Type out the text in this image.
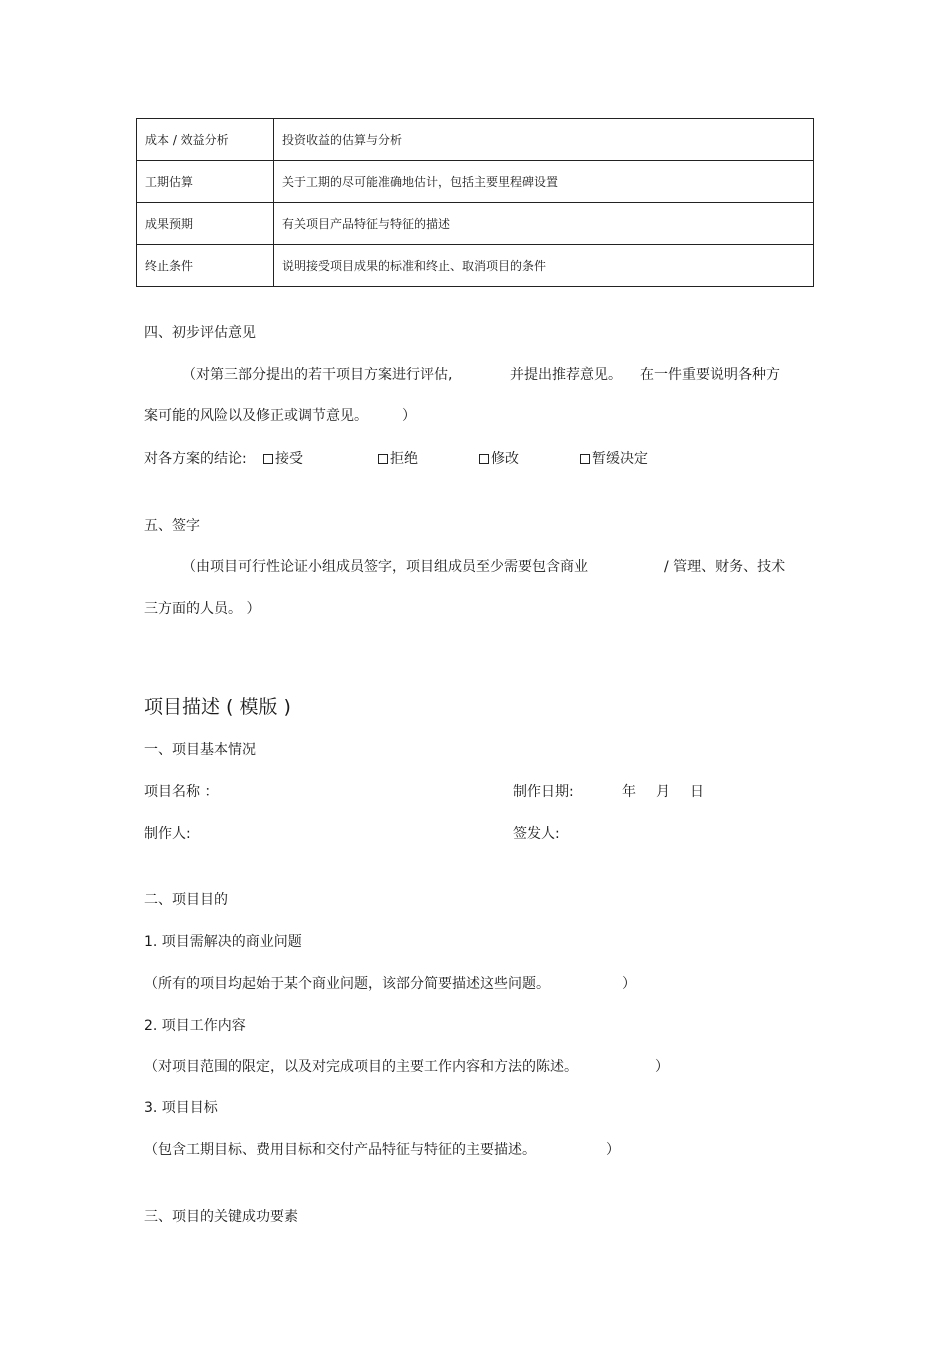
成本 / 效益分析	投资收益的估算与分析
工期估算	关于工期的尽可能准确地估计，包括主要里程碑设置
成果预期	有关项目产品特征与特征的描述
终止条件	说明接受项目成果的标准和终止、取消项目的条件
四、初步评估意见
（对第三部分提出的若干项目方案进行评估,	并提出推荐意见。 在一件重要说明各种方
案可能的风险以及修正或调节意见。 ）
对各方案的结论:	接受	拒绝	修改	暂缓决定
五、签字
（由项目可行性论证小组成员签字，项目组成员至少需要包含商业	/ 管理、财务、技术
三方面的人员。 ）
项目描述 ( 模版 )
一、项目基本情况
项目名称 ：	制作日期:	年 月 日
制作人:	签发人:
二、项目目的
1. 项目需解决的商业问题
（所有的项目均起始于某个商业问题，该部分简要描述这些问题。	）
2. 项目工作内容
（对项目范围的限定，以及对完成项目的主要工作内容和方法的陈述。	）
3. 项目目标
（包含工期目标、费用目标和交付产品特征与特征的主要描述。	）
三、项目的关键成功要素
